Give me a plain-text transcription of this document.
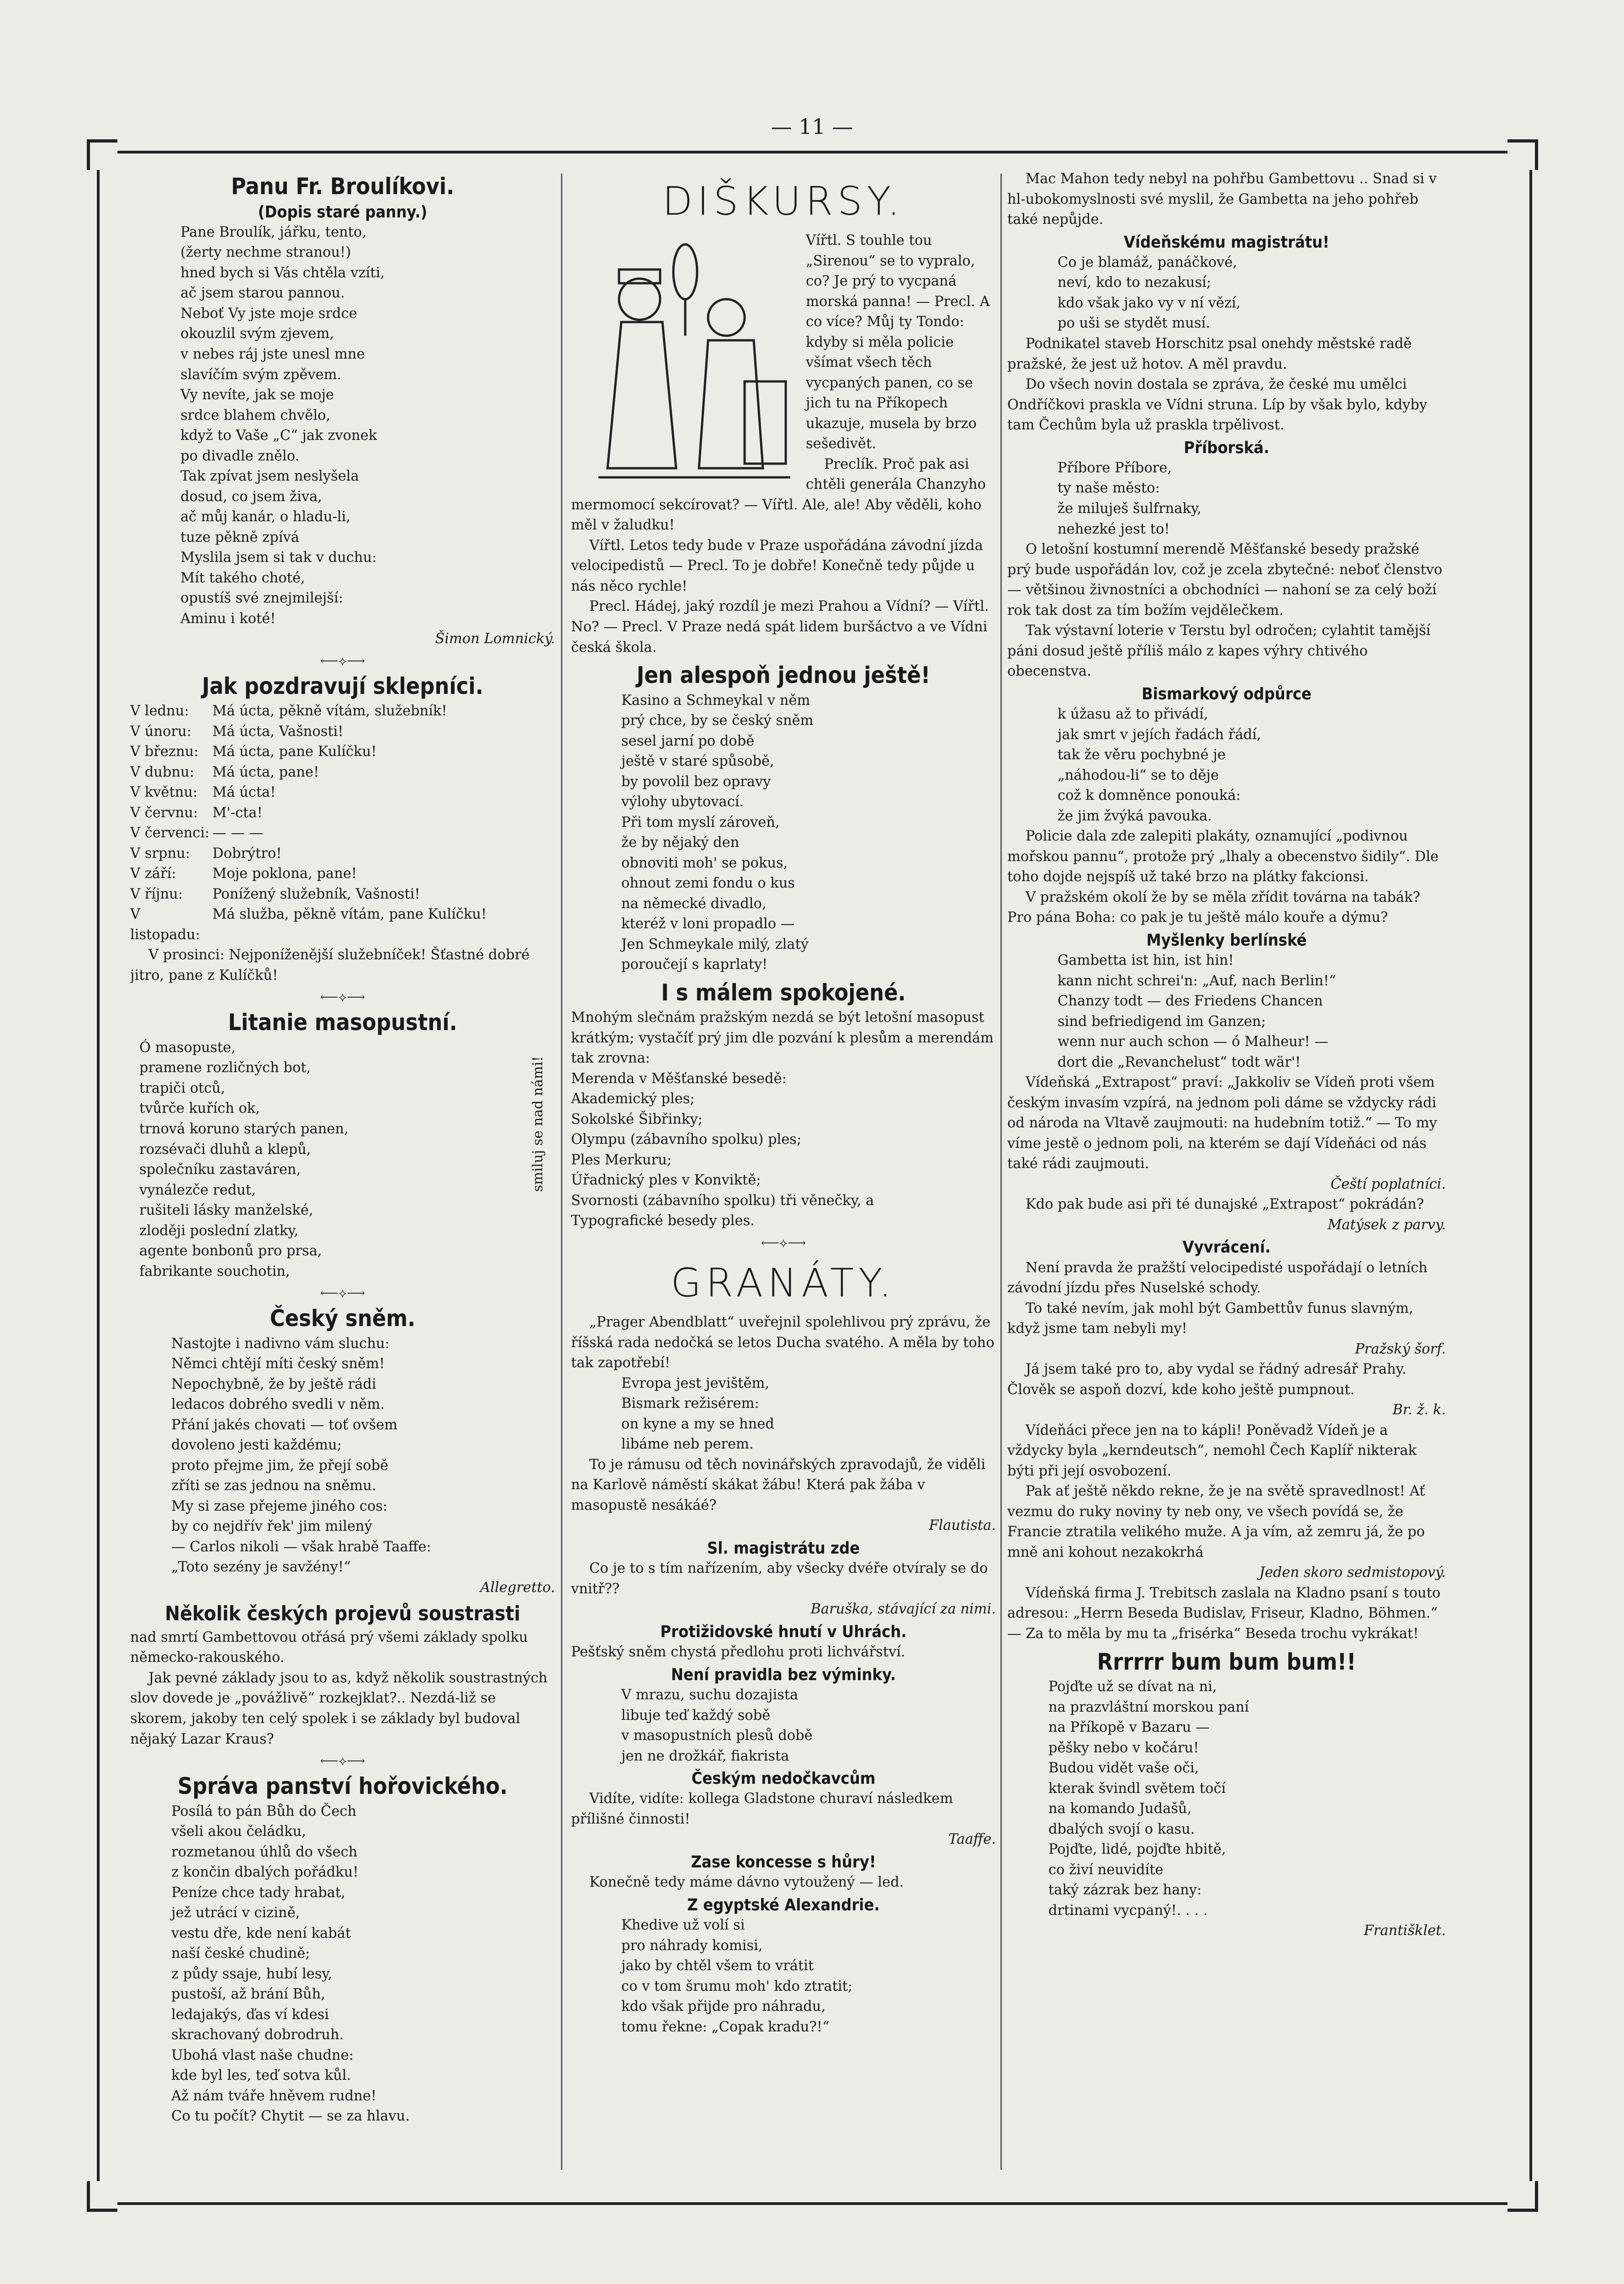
— 11 —
Panu Fr. Broulíkovi.
(Dopis staré panny.)

Pane Broulík, jářku, tento,

(žerty nechme stranou!)

hned bych si Vás chtěla vzíti,

ač jsem starou pannou.

Neboť Vy jste moje srdce

okouzlil svým zjevem,

v nebes ráj jste unesl mne

slavíčím svým zpěvem.

Vy nevíte, jak se moje

srdce blahem chvělo,

když to Vaše „C“ jak zvonek

po divadle znělo.

Tak zpívat jsem neslyšela

dosud, co jsem živa,

ač můj kanár, o hladu-li,

tuze pěkně zpívá

Myslila jsem si tak v duchu:

Mít takého choté,

opustíš své znejmilejší:

Aminu i koté!

Šimon Lomnický.

⟵⟡⟶
Jak pozdravují sklepníci.

V lednu:	Má úcta, pěkně vítám, služebník!

V únoru:	Má úcta, Vašnosti!

V březnu: Má úcta, pane Kulíčku!

V dubnu:	Má úcta, pane!

V květnu:	Má úcta!

V červnu:	M'-cta!

V červenci: — — —

V srpnu:	Dobrýtro!

V září:	Moje poklona, pane!

V říjnu:	Ponížený služebník, Vašnosti!

V listopadu:
Má služba, pěkně vítám, pane Kulíčku!

V prosinci: Nejponíženější služebníček! Šťastné dobré jitro, pane z Kulíčků!

⟵⟡⟶
Litanie masopustní.

Ó masopuste,

pramene rozličných bot,

trapiči otců,

tvůrče kuřích ok,

trnová koruno starých panen,

rozsévači dluhů a klepů,

společníku zastaváren,

vynálezče redut,

rušiteli lásky manželské,

zloději poslední zlatky,

agente bonbonů pro prsa,

fabrikante souchotin,

smiluj se nad námi!
⟵⟡⟶
Český sněm.

Nastojte i nadivno vám sluchu:

Němci chtějí míti český sněm!

Nepochybně, že by ještě rádi

ledacos dobrého svedli v něm.

Přání jakés chovati — toť ovšem

dovoleno jesti každému;

proto přejme jim, že přejí sobě

zříti se zas jednou na sněmu.

My si zase přejeme jiného cos:

by co nejdřív řek' jim milený

— Carlos nikoli — však hrabě Taaffe:

„Toto sezény je savžény!“

Allegretto.

Několik českých projevů soustrasti

nad smrtí Gambettovou otřásá prý všemi základy spolku německo-rakouského.

Jak pevné základy jsou to as, když několik soustrastných slov dovede je „povážlivě“ rozkejklat?.. Nezdá-liž se skorem, jakoby ten celý spolek i se základy byl budoval nějaký Lazar Kraus?

⟵⟡⟶
Správa panství hořovického.

Posílá to pán Bůh do Čech

všeli akou čeládku,

rozmetanou úhlů do všech

z končin dbalých pořádku!

Peníze chce tady hrabat,

jež utrácí v cizině,

vestu dře, kde není kabát

naší české chudině;

z půdy ssaje, hubí lesy,

pustoší, až brání Bůh,

ledajakýs, ďas ví kdesi

skrachovaný dobrodruh.

Ubohá vlast naše chudne:

kde byl les, teď sotva kůl.

Až nám tváře hněvem rudne!

Co tu počít? Chytit — se za hlavu.

DIŠKURSY.

Vířtl. S touhle tou „Sirenou“ se to vypralo, co? Je prý to vycpaná morská panna! — Precl. A co více? Můj ty Tondo: kdyby si měla policie všímat všech těch vycpaných panen, co se jich tu na Příkopech ukazuje, musela by brzo sešedivět.

Preclík. Proč pak asi chtěli generála Chanzyho mermomocí sekcírovat? — Vířtl. Ale, ale! Aby věděli, koho měl v žaludku!

Vířtl. Letos tedy bude v Praze uspořádána závodní jízda velocipedistů — Precl. To je dobře! Konečně tedy půjde u nás něco rychle!

Precl. Hádej, jaký rozdíl je mezi Prahou a Vídní? — Vířtl. No? — Precl. V Praze nedá spát lidem buršáctvo a ve Vídni česká škola.

Jen alespoň jednou ještě!

Kasino a Schmeykal v něm

prý chce, by se český sněm

sesel jarní po době

ještě v staré spůsobě,

by povolil bez opravy

výlohy ubytovací.

Při tom myslí zároveň,

že by nějaký den

obnoviti moh' se pokus,

ohnout zemi fondu o kus

na německé divadlo,

kteréž v loni propadlo —

Jen Schmeykale milý, zlatý

poroučejí s kaprlaty!

I s málem spokojené.

Mnohým slečnám pražským nezdá se být letošní masopust krátkým; vystačíť prý jim dle pozvání k plesům a merendám tak zrovna:

Merenda v Měšťanské besedě:

Akademický ples;

Sokolské Šibřinky;

Olympu (zábavního spolku) ples;

Ples Merkuru;

Úřadnický ples v Konviktě;

Svornosti (zábavního spolku) tři věnečky, a

Typografické besedy ples.

⟵⟡⟶
GRANÁTY.

„Prager Abendblatt“ uveřejnil spolehlivou prý zprávu, že říšská rada nedočká se letos Ducha svatého. A měla by toho tak zapotřebí!

Evropa jest jevištěm,

Bismark režisérem:

on kyne a my se hned

libáme neb perem.

To je rámusu od těch novinářských zpravodajů, že viděli na Karlově náměstí skákat žábu! Která pak žába v masopustě nesákáé?

Flautista.

Sl. magistrátu zde

Co je to s tím nařízením, aby všecky dvéře otvíraly se do vnitř??

Baruška, stávající za nimi.

Protižidovské hnutí v Uhrách.

Pešťský sněm chystá předlohu proti lichvářství.

Není pravidla bez výminky.

V mrazu, suchu dozajista

libuje teď každý sobě

v masopustních plesů době

jen ne drožkář, fiakrista

Českým nedočkavcům

Vidíte, vidíte: kollega Gladstone churaví následkem přílišné činnosti!

Taaffe.

Zase koncesse s hůry!

Konečně tedy máme dávno vytoužený — led.

Z egyptské Alexandrie.

Khedive už volí si

pro náhrady komisi,

jako by chtěl všem to vrátit

co v tom šrumu moh' kdo ztratit;

kdo však přijde pro náhradu,

tomu řekne: „Copak kradu?!“

Mac Mahon tedy nebyl na pohřbu Gambettovu .. Snad si v hl-ubokomyslnosti své myslil, že Gambetta na jeho pohřeb také nepůjde.

Vídeňskému magistrátu!

Co je blamáž, panáčkové,

neví, kdo to nezakusí;

kdo však jako vy v ní vězí,

po uši se stydět musí.

Podnikatel staveb Horschitz psal onehdy městské radě pražské, že jest už hotov. A měl pravdu.

Do všech novin dostala se zpráva, že české mu umělci Ondříčkovi praskla ve Vídni struna. Líp by však bylo, kdyby tam Čechům byla už praskla trpělivost.

Příborská.

Příbore Příbore,

ty naše město:

že miluješ šulfrnaky,

nehezké jest to!

O letošní kostumní merendě Měšťanské besedy pražské prý bude uspořádán lov, což je zcela zbytečné: neboť členstvo — většinou živnostníci a obchodníci — nahoní se za celý boží rok tak dost za tím božím vejdělečkem.

Tak výstavní loterie v Terstu byl odročen; cylahtit tamější páni dosud ještě příliš málo z kapes výhry chtivého obecenstva.

Bismarkový odpůrce

k úžasu až to přivádí,

jak smrt v jejích řadách řádí,

tak že věru pochybné je

„náhodou-li“ se to děje

což k domněnce ponouká:

že jim žvýká pavouka.

Policie dala zde zalepiti plakáty, oznamující „podivnou mořskou pannu“, protože prý „lhaly a obecenstvo šidily“. Dle toho dojde nejspíš už také brzo na plátky fakcionsi.

V pražském okolí že by se měla zřídit továrna na tabák? Pro pána Boha: co pak je tu ještě málo kouře a dýmu?

Myšlenky berlínské

Gambetta ist hin, ist hin!

kann nicht schrei'n: „Auf, nach Berlin!“

Chanzy todt — des Friedens Chancen

sind befriedigend im Ganzen;

wenn nur auch schon — ó Malheur! —

dort die „Revanchelust“ todt wär'!

Vídeňská „Extrapost“ praví: „Jakkoliv se Vídeň proti všem českým invasím vzpírá, na jednom poli dáme se vždycky rádi od národa na Vltavě zaujmouti: na hudebním totiž.“ — To my víme jestě o jednom poli, na kterém se dají Vídeňáci od nás také rádi zaujmouti.

Čeští poplatníci.

Kdo pak bude asi při té dunajské „Extrapost“ pokrádán?

Matýsek z parvy.

Vyvrácení.

Není pravda že pražští velocipedisté uspořádají o letních závodní jízdu přes Nuselské schody.

To také nevím, jak mohl být Gambettův funus slavným, když jsme tam nebyli my!

Pražský šorf.

Já jsem také pro to, aby vydal se řádný adresář Prahy. Člověk se aspoň dozví, kde koho ještě pumpnout.

Br. ž. k.

Vídeňáci přece jen na to kápli! Poněvadž Vídeň je a vždycky byla „kerndeutsch“, nemohl Čech Kaplíř nikterak býti při její osvobození.

Pak ať ještě někdo rekne, že je na světě spravedlnost! Ať vezmu do ruky noviny ty neb ony, ve všech povídá se, že Francie ztratila velikého muže. A ja vím, až zemru já, že po mně ani kohout nezakokrhá

Jeden skoro sedmistopový.

Vídeňská firma J. Trebitsch zaslala na Kladno psaní s touto adresou: „Herrn Beseda Budislav, Friseur, Kladno, Böhmen.“ — Za to měla by mu ta „frisérka“ Beseda trochu vykrákat!

Rrrrrr bum bum bum!!

Pojďte už se dívat na ni,

na prazvláštní morskou paní

na Příkopě v Bazaru —

pěšky nebo v kočáru!

Budou vidět vaše oči,

kterak švindl světem točí

na komando Judašů,

dbalých svojí o kasu.

Pojďte, lidé, pojďte hbitě,

co živí neuvidíte

taký zázrak bez hany:

drtinami vycpaný!. . . .

Františklet.
